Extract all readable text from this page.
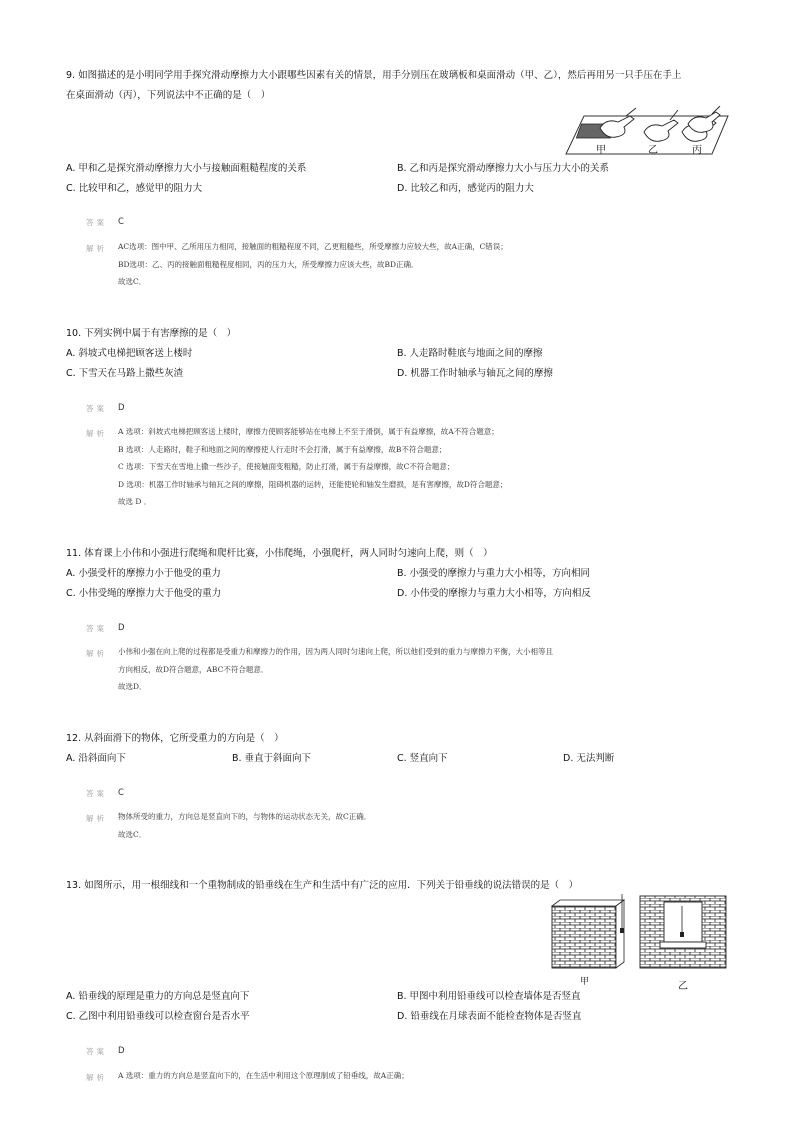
9. 如图描述的是小明同学用手探究滑动摩擦力大小跟哪些因素有关的情景，用手分别压在玻璃板和桌面滑动（甲、乙），然后再用另一只手压在手上
在桌面滑动（丙），下列说法中不正确的是（　）
甲	乙	丙
A. 甲和乙是探究滑动摩擦力大小与接触面粗糙程度的关系	B. 乙和丙是探究滑动摩擦力大小与压力大小的关系
C. 比较甲和乙，感觉甲的阻力大	D. 比较乙和丙，感觉丙的阻力大
答案 C
解析 AC选项：图中甲、乙所用压力相同，接触面的粗糙程度不同，乙更粗糙些，所受摩擦力应较大些，故A正确，C错误；
BD选项：乙、丙的接触面粗糙程度相同，丙的压力大，所受摩擦力应该大些，故BD正确．
故选C．
10. 下列实例中属于有害摩擦的是（　）
A. 斜坡式电梯把顾客送上楼时	B. 人走路时鞋底与地面之间的摩擦
C. 下雪天在马路上撒些灰渣	D. 机器工作时轴承与轴瓦之间的摩擦
答案 D
解析 A 选项：斜坡式电梯把顾客送上楼时，摩擦力使顾客能够站在电梯上不至于滑倒，属于有益摩擦，故A不符合题意；
B 选项：人走路时，鞋子和地面之间的摩擦使人行走时不会打滑，属于有益摩擦，故B不符合题意；
C 选项：下雪天在雪地上撒一些沙子，使接触面变粗糙，防止打滑，属于有益摩擦，故C不符合题意；
D 选项：机器工作时轴承与轴瓦之间的摩擦，阻碍机器的运转，还能使轮和轴发生磨损，是有害摩擦，故D符合题意；
故选 D ．
11. 体育课上小伟和小强进行爬绳和爬杆比赛，小伟爬绳，小强爬杆，两人同时匀速向上爬，则（　）
A. 小强受杆的摩擦力小于他受的重力	B. 小强受的摩擦力与重力大小相等，方向相同
C. 小伟受绳的摩擦力大于他受的重力	D. 小伟受的摩擦力与重力大小相等，方向相反
答案 D
解析 小伟和小强在向上爬的过程都是受重力和摩擦力的作用，因为两人同时匀速向上爬，所以他们受到的重力与摩擦力平衡，大小相等且
方向相反，故D符合题意，ABC不符合题意．
故选D．
12. 从斜面滑下的物体，它所受重力的方向是（　）
A. 沿斜面向下	B. 垂直于斜面向下	C. 竖直向下	D. 无法判断
答案 C
解析 物体所受的重力，方向总是竖直向下的，与物体的运动状态无关，故C正确．
故选C．
13. 如图所示，用一根细线和一个重物制成的铅垂线在生产和生活中有广泛的应用．下列关于铅垂线的说法错误的是（　）
甲	乙
A. 铅垂线的原理是重力的方向总是竖直向下	B. 甲图中利用铅垂线可以检查墙体是否竖直
C. 乙图中利用铅垂线可以检查窗台是否水平	D. 铅垂线在月球表面不能检查物体是否竖直
答案 D
解析 A 选项：重力的方向总是竖直向下的，在生活中利用这个原理制成了铅垂线，故A正确；
